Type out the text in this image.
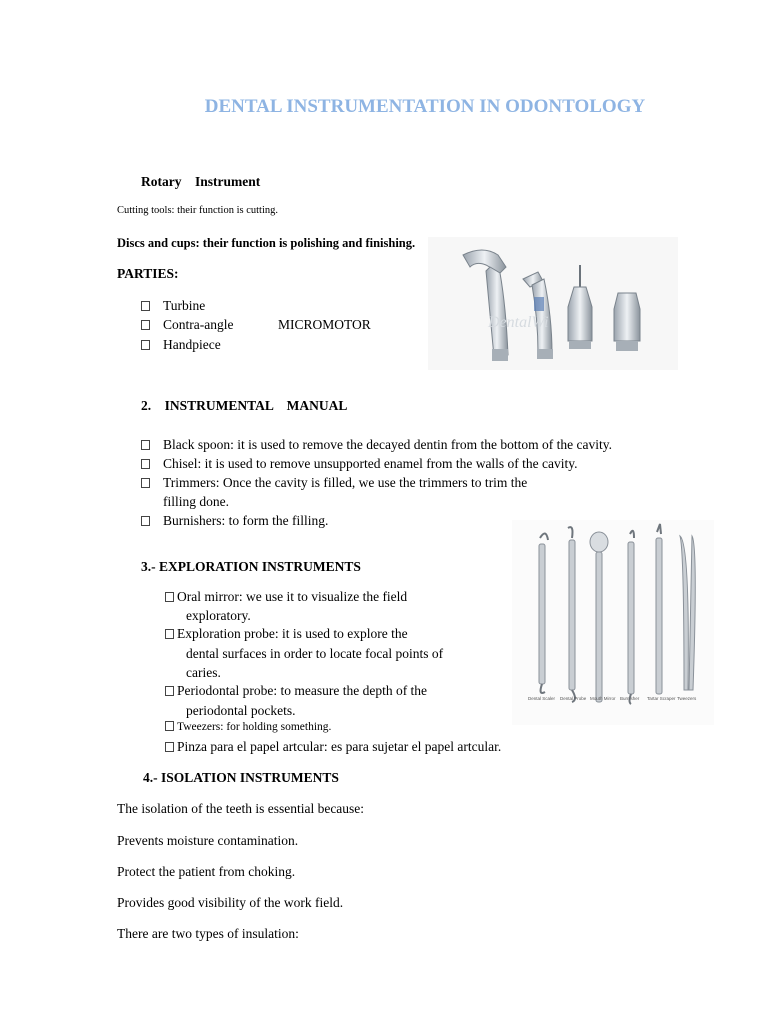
DENTAL INSTRUMENTATION IN ODONTOLOGY
Rotary    Instrument
Cutting tools: their function is cutting.
Discs and cups: their function is polishing and finishing.
PARTIES:
Turbine
Contra-angle	MICROMOTOR
Handpiece
DentalWi
2.    INSTRUMENTAL    MANUAL
Black spoon: it is used to remove the decayed dentin from the bottom of the cavity.
Chisel: it is used to remove unsupported enamel from the walls of the cavity.
Trimmers: Once the cavity is filled, we use the trimmers to trim the
filling done.
Burnishers: to form the filling.
3.- EXPLORATION INSTRUMENTS
Oral mirror: we use it to visualize the field
exploratory.
Exploration probe: it is used to explore the
dental surfaces in order to locate focal points of
caries.
Periodontal probe: to measure the depth of the
periodontal pockets.
Tweezers: for holding something.
Pinza para el papel artcular: es para sujetar el papel artcular.
Dental Scaler Dental Probe Mouth Mirror Burnisher Tartar Scraper Tweezers
4.- ISOLATION INSTRUMENTS
The isolation of the teeth is essential because:
Prevents moisture contamination.
Protect the patient from choking.
Provides good visibility of the work field.
There are two types of insulation:
